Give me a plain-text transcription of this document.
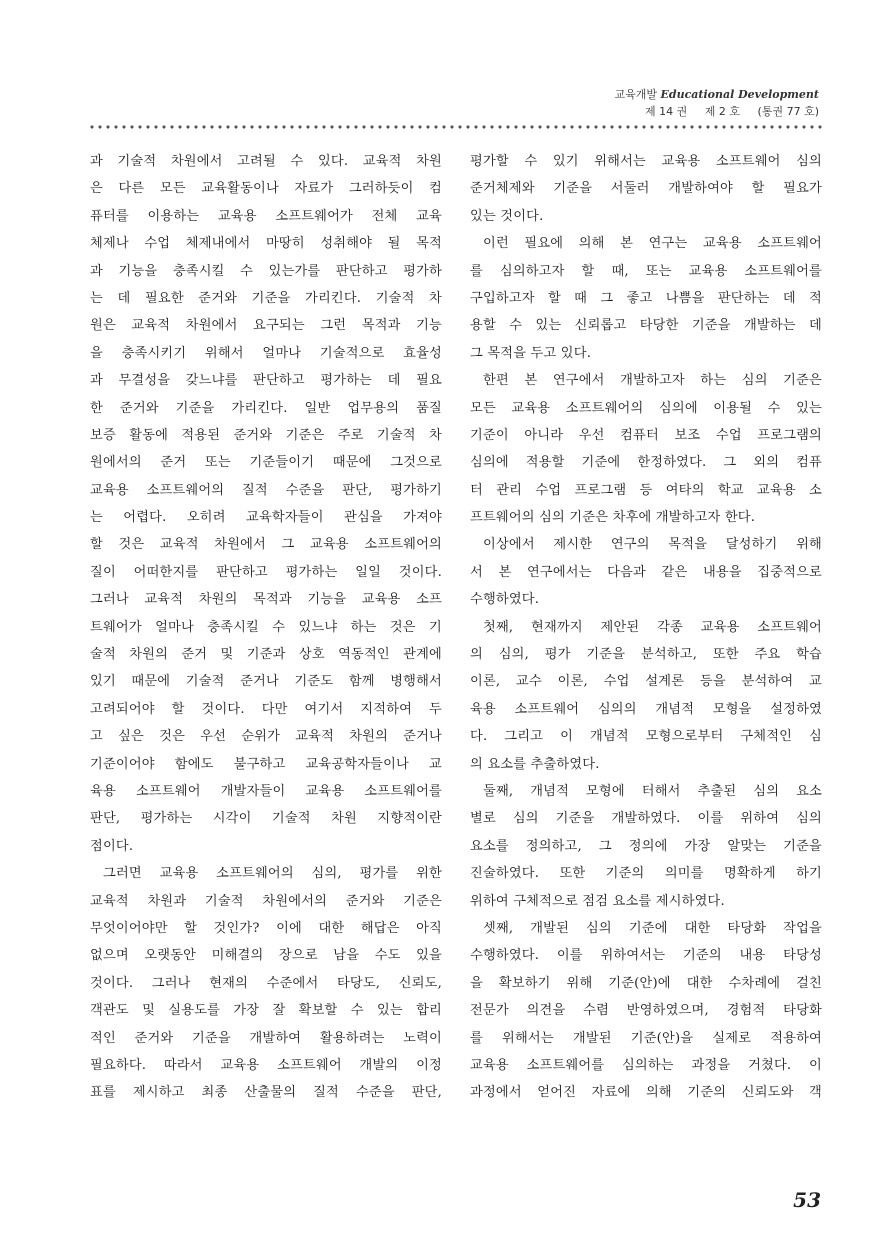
교육개발 Educational Development
제 14 권 제 2 호 (통권 77 호)
과 기술적 차원에서 고려될 수 있다. 교육적 차원
은 다른 모든 교육활동이나 자료가 그러하듯이 컴
퓨터를 이용하는 교육용 소프트웨어가 전체 교육
체제나 수업 체제내에서 마땅히 성취해야 될 목적
과 기능을 충족시킬 수 있는가를 판단하고 평가하
는 데 필요한 준거와 기준을 가리킨다. 기술적 차
원은 교육적 차원에서 요구되는 그런 목적과 기능
을 충족시키기 위해서 얼마나 기술적으로 효율성
과 무결성을 갖느냐를 판단하고 평가하는 데 필요
한 준거와 기준을 가리킨다. 일반 업무용의 품질
보증 활동에 적용된 준거와 기준은 주로 기술적 차
원에서의 준거 또는 기준들이기 때문에 그것으로
교육용 소프트웨어의 질적 수준을 판단, 평가하기
는 어렵다. 오히려 교육학자들이 관심을 가져야
할 것은 교육적 차원에서 그 교육용 소프트웨어의
질이 어떠한지를 판단하고 평가하는 일일 것이다.
그러나 교육적 차원의 목적과 기능을 교육용 소프
트웨어가 얼마나 충족시킬 수 있느냐 하는 것은 기
술적 차원의 준거 및 기준과 상호 역동적인 관계에
있기 때문에 기술적 준거나 기준도 함께 병행해서
고려되어야 할 것이다. 다만 여기서 지적하여 두
고 싶은 것은 우선 순위가 교육적 차원의 준거나
기준이어야 함에도 불구하고 교육공학자들이나 교
육용 소프트웨어 개발자들이 교육용 소프트웨어를
판단, 평가하는 시각이 기술적 차원 지향적이란
점이다.
그러면 교육용 소프트웨어의 심의, 평가를 위한
교육적 차원과 기술적 차원에서의 준거와 기준은
무엇이어야만 할 것인가? 이에 대한 해답은 아직
없으며 오랫동안 미해결의 장으로 남을 수도 있을
것이다. 그러나 현재의 수준에서 타당도, 신뢰도,
객관도 및 실용도를 가장 잘 확보할 수 있는 합리
적인 준거와 기준을 개발하여 활용하려는 노력이
필요하다. 따라서 교육용 소프트웨어 개발의 이정
표를 제시하고 최종 산출물의 질적 수준을 판단,
평가할 수 있기 위해서는 교육용 소프트웨어 심의
준거체제와 기준을 서둘러 개발하여야 할 필요가
있는 것이다.
이런 필요에 의해 본 연구는 교육용 소프트웨어
를 심의하고자 할 때, 또는 교육용 소프트웨어를
구입하고자 할 때 그 좋고 나쁨을 판단하는 데 적
용할 수 있는 신뢰롭고 타당한 기준을 개발하는 데
그 목적을 두고 있다.
한편 본 연구에서 개발하고자 하는 심의 기준은
모든 교육용 소프트웨어의 심의에 이용될 수 있는
기준이 아니라 우선 컴퓨터 보조 수업 프로그램의
심의에 적용할 기준에 한정하였다. 그 외의 컴퓨
터 관리 수업 프로그램 등 여타의 학교 교육용 소
프트웨어의 심의 기준은 차후에 개발하고자 한다.
이상에서 제시한 연구의 목적을 달성하기 위해
서 본 연구에서는 다음과 같은 내용을 집중적으로
수행하였다.
첫째, 현재까지 제안된 각종 교육용 소프트웨어
의 심의, 평가 기준을 분석하고, 또한 주요 학습
이론, 교수 이론, 수업 설계론 등을 분석하여 교
육용 소프트웨어 심의의 개념적 모형을 설정하였
다. 그리고 이 개념적 모형으로부터 구체적인 심
의 요소를 추출하였다.
둘째, 개념적 모형에 터해서 추출된 심의 요소
별로 심의 기준을 개발하였다. 이를 위하여 심의
요소를 정의하고, 그 정의에 가장 알맞는 기준을
진술하였다. 또한 기준의 의미를 명확하게 하기
위하여 구체적으로 점검 요소를 제시하였다.
셋째, 개발된 심의 기준에 대한 타당화 작업을
수행하였다. 이를 위하여서는 기준의 내용 타당성
을 확보하기 위해 기준(안)에 대한 수차례에 걸친
전문가 의견을 수렴 반영하였으며, 경험적 타당화
를 위해서는 개발된 기준(안)을 실제로 적용하여
교육용 소프트웨어를 심의하는 과정을 거쳤다. 이
과정에서 얻어진 자료에 의해 기준의 신뢰도와 객
53
